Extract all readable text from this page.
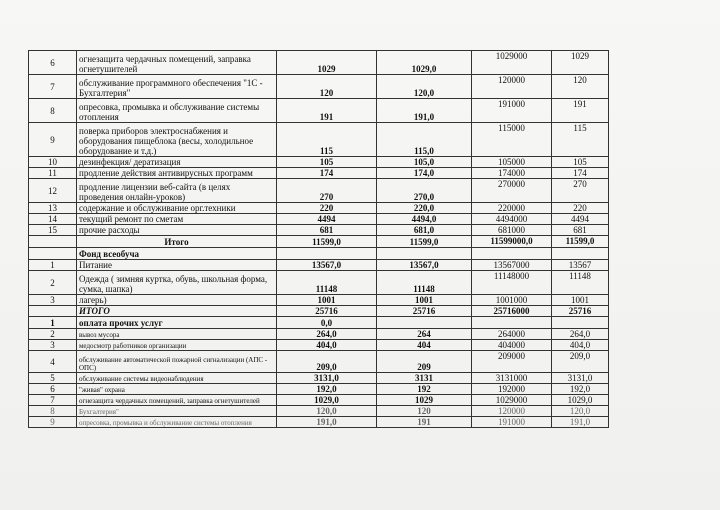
6	огнезащита чердачных помещений, заправка огнетушителей	1029	1029,0	1029000	1029
7	обслуживание программного обеспечения "1С - Бухгалтерия"	120	120,0	120000	120
8	опресовка, промывка и обслуживание системы отопления	191	191,0	191000	191
9	поверка приборов электроснабжения и оборудования пищеблока (весы, холодильное оборудование и т.д.)	115	115,0	115000	115
10	дезинфекция/ дератизация	105	105,0	105000	105
11	продление действия антивирусных программ	174	174,0	174000	174
12	продление лицензии веб-сайта (в целях проведения онлайн-уроков)	270	270,0	270000	270
13	содержание и обслуживание орг.техники	220	220,0	220000	220
14	текущий ремонт по сметам	4494	4494,0	4494000	4494
15	прочие расходы	681	681,0	681000	681
	Итого	11599,0	11599,0	11599000,0	11599,0
	Фонд всеобуча				
1	Питание	13567,0	13567,0	13567000	13567
2	Одежда ( зимняя куртка, обувь, школьная форма, сумка, шапка)	11148	11148	11148000	11148
3	лагерь)	1001	1001	1001000	1001
	ИТОГО	25716	25716	25716000	25716
1	оплата прочих услуг	0,0			
2	вывоз мусора	264,0	264	264000	264,0
3	медосмотр работников организации	404,0	404	404000	404,0
4	обслуживание автоматической пожарной сигнализации (АПС - ОПС)	209,0	209	209000	209,0
5	обслуживание системы видеонаблюдения	3131,0	3131	3131000	3131,0
6	"живая" охрана	192,0	192	192000	192,0
7	огнезащита чердачных помещений, заправка огнетушителей	1029,0	1029	1029000	1029,0
8	Бухгалтерия"	120,0	120	120000	120,0
9	опресовка, промывка и обслуживание системы отопления	191,0	191	191000	191,0
